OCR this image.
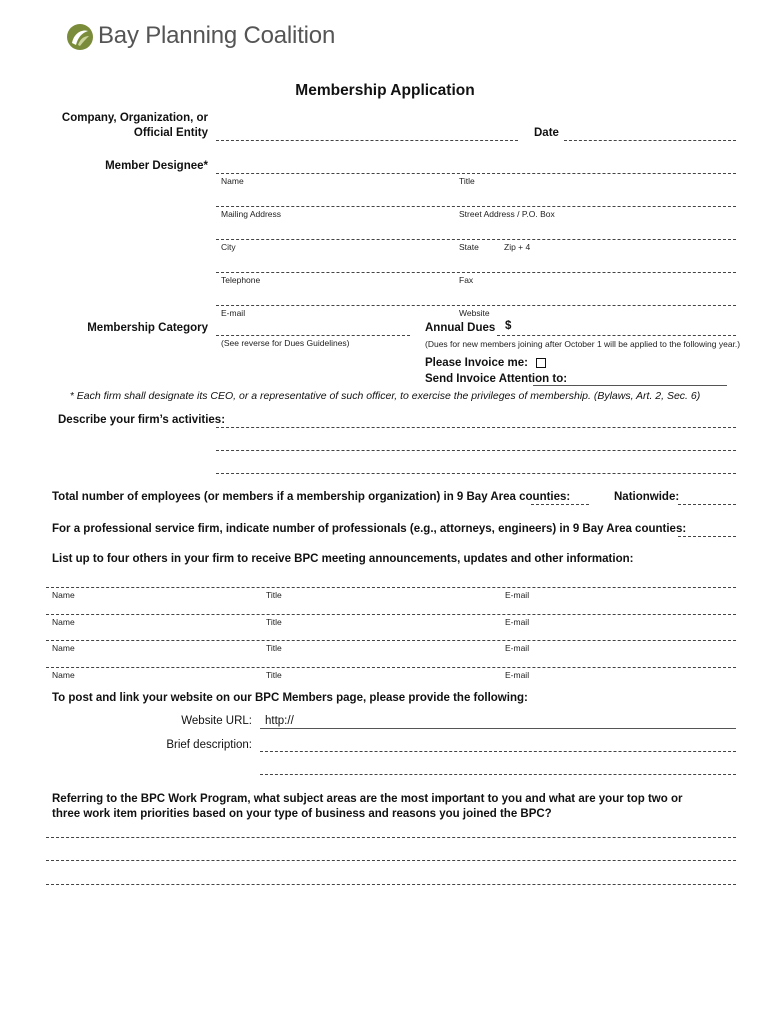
Bay Planning Coalition
Membership Application
Company, Organization, or
Official Entity	Date
Member Designee*
Name	Title
Mailing Address	Street Address / P.O. Box
City	State	Zip + 4
Telephone	Fax
E-mail	Website
Membership Category
(See reverse for Dues Guidelines)
Annual Dues $
(Dues for new members joining after October 1 will be applied to the following year.)
Please Invoice me:
Send Invoice Attention to:
* Each firm shall designate its CEO, or a representative of such officer, to exercise the privileges of membership. (Bylaws, Art. 2, Sec. 6)
Describe your firm’s activities:
Total number of employees (or members if a membership organization) in 9 Bay Area counties:	Nationwide:
For a professional service firm, indicate number of professionals (e.g., attorneys, engineers) in 9 Bay Area counties:
List up to four others in your firm to receive BPC meeting announcements, updates and other information:
Name	Title	E-mail
Name	Title	E-mail
Name	Title	E-mail
Name	Title	E-mail
To post and link your website on our BPC Members page, please provide the following:
Website URL: http://
Brief description:
Referring to the BPC Work Program, what subject areas are the most important to you and what are your top two or three work item priorities based on your type of business and reasons you joined the BPC?
